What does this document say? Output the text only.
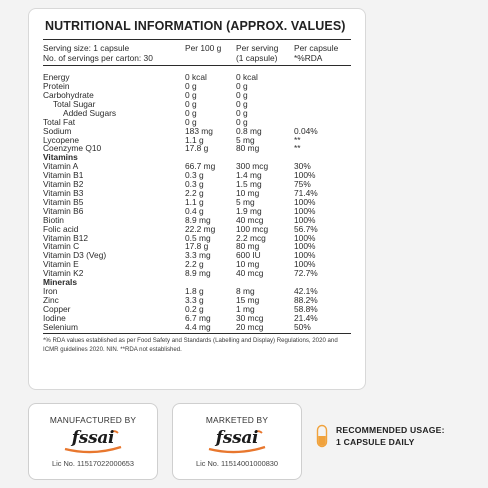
NUTRITIONAL INFORMATION (APPROX. VALUES)
Serving size: 1 capsule	Per 100 g	Per serving	Per capsule
No. of servings per carton: 30		(1 capsule)	*%RDA
Energy	0 kcal	0 kcal	
Protein	0 g	0 g	
Carbohydrate	0 g	0 g	
Total Sugar	0 g	0 g	
Added Sugars	0 g	0 g	
Total Fat	0 g	0 g	
Sodium	183 mg	0.8 mg	0.04%
Lycopene	1.1 g	5 mg	**
Coenzyme Q10	17.8 g	80 mg	**
Vitamins			
Vitamin A	66.7 mg	300 mcg	30%
Vitamin B1	0.3 g	1.4 mg	100%
Vitamin B2	0.3 g	1.5 mg	75%
Vitamin B3	2.2 g	10 mg	71.4%
Vitamin B5	1.1 g	5 mg	100%
Vitamin B6	0.4 g	1.9 mg	100%
Biotin	8.9 mg	40 mcg	100%
Folic acid	22.2 mg	100 mcg	56.7%
Vitamin B12	0.5 mg	2.2 mcg	100%
Vitamin C	17.8 g	80 mg	100%
Vitamin D3 (Veg)	3.3 mg	600 IU	100%
Vitamin E	2.2 g	10 mg	100%
Vitamin K2	8.9 mg	40 mcg	72.7%
Minerals			
Iron	1.8 g	8 mg	42.1%
Zinc	3.3 g	15 mg	88.2%
Copper	0.2 g	1 mg	58.8%
Iodine	6.7 mg	30 mcg	21.4%
Selenium	4.4 mg	20 mcg	50%
*% RDA values established as per Food Safety and Standards (Labelling and Display) Regulations, 2020 and ICMR guidelines 2020. NIN. **RDA not established.
MANUFACTURED BY
fssai
Lic No. 11517022000653
MARKETED BY
fssai
Lic No. 11514001000830
RECOMMENDED USAGE:
1 CAPSULE DAILY
